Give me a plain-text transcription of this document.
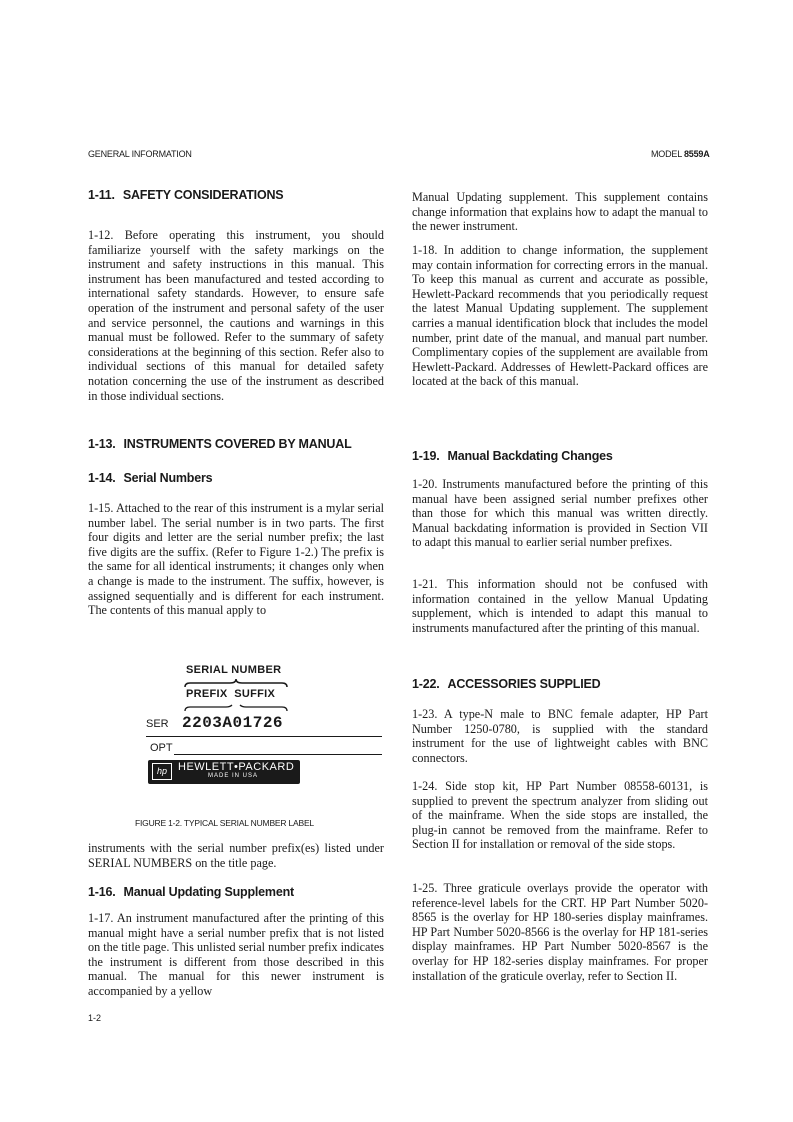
GENERAL INFORMATION	MODEL 8559A
1-11. SAFETY CONSIDERATIONS

1-12. Before operating this instrument, you should familiarize yourself with the safety markings on the instrument and safety instructions in this manual. This instrument has been manufactured and tested according to international safety standards. However, to ensure safe operation of the instrument and personal safety of the user and service personnel, the cautions and warnings in this manual must be followed. Refer to the summary of safety considerations at the beginning of this section. Refer also to individual sections of this manual for detailed safety notation concerning the use of the instrument as described in those individual sections.

1-13. INSTRUMENTS COVERED BY MANUAL
1-14. Serial Numbers

1-15. Attached to the rear of this instrument is a mylar serial number label. The serial number is in two parts. The first four digits and letter are the serial number prefix; the last five digits are the suffix. (Refer to Figure 1-2.) The prefix is the same for all identical instruments; it changes only when a change is made to the instrument. The suffix, however, is assigned sequentially and is different for each instrument. The contents of this manual apply to

SERIAL NUMBER
PREFIX  SUFFIX
SER 2203A01726
OPT
hp	HEWLETT•PACKARD
MADE IN USA
FIGURE 1-2. TYPICAL SERIAL NUMBER LABEL

instruments with the serial number prefix(es) listed under SERIAL NUMBERS on the title page.

1-16. Manual Updating Supplement

1-17. An instrument manufactured after the printing of this manual might have a serial number prefix that is not listed on the title page. This unlisted serial number prefix indicates the instrument is different from those described in this manual. The manual for this newer instrument is accompanied by a yellow

Manual Updating supplement. This supplement contains change information that explains how to adapt the manual to the newer instrument.

1-18. In addition to change information, the supplement may contain information for correcting errors in the manual. To keep this manual as current and accurate as possible, Hewlett-Packard recommends that you periodically request the latest Manual Updating supplement. The supplement carries a manual identification block that includes the model number, print date of the manual, and manual part number. Complimentary copies of the supplement are available from Hewlett-Packard. Addresses of Hewlett-Packard offices are located at the back of this manual.

1-19. Manual Backdating Changes

1-20. Instruments manufactured before the printing of this manual have been assigned serial number prefixes other than those for which this manual was written directly. Manual backdating information is provided in Section VII to adapt this manual to earlier serial number prefixes.

1-21. This information should not be confused with information contained in the yellow Manual Updating supplement, which is intended to adapt this manual to instruments manufactured after the printing of this manual.

1-22. ACCESSORIES SUPPLIED

1-23. A type-N male to BNC female adapter, HP Part Number 1250-0780, is supplied with the standard instrument for the use of lightweight cables with BNC connectors.

1-24. Side stop kit, HP Part Number 08558-60131, is supplied to prevent the spectrum analyzer from sliding out of the mainframe. When the side stops are installed, the plug-in cannot be removed from the mainframe. Refer to Section II for installation or removal of the side stops.

1-25. Three graticule overlays provide the operator with reference-level labels for the CRT. HP Part Number 5020-8565 is the overlay for HP 180-series display mainframes. HP Part Number 5020-8566 is the overlay for HP 181-series display mainframes. HP Part Number 5020-8567 is the overlay for HP 182-series display mainframes. For proper installation of the graticule overlay, refer to Section II.

1-2
